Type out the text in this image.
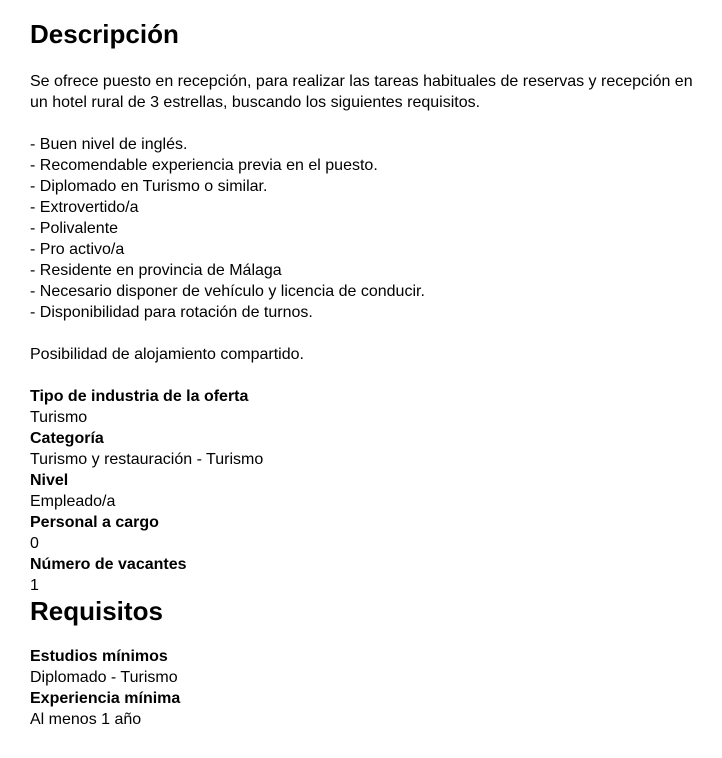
Descripción

Se ofrece puesto en recepción, para realizar las tareas habituales de reservas y recepción en un hotel rural de 3 estrellas, buscando los siguientes requisitos.

- Buen nivel de inglés.
- Recomendable experiencia previa en el puesto.
- Diplomado en Turismo o similar.
- Extrovertido/a
- Polivalente
- Pro activo/a
- Residente en provincia de Málaga
- Necesario disponer de vehículo y licencia de conducir.
- Disponibilidad para rotación de turnos.

Posibilidad de alojamiento compartido.

Tipo de industria de la oferta
Turismo
Categoría
Turismo y restauración - Turismo
Nivel
Empleado/a
Personal a cargo
0
Número de vacantes
1
Requisitos
Estudios mínimos
Diplomado - Turismo
Experiencia mínima
Al menos 1 año
